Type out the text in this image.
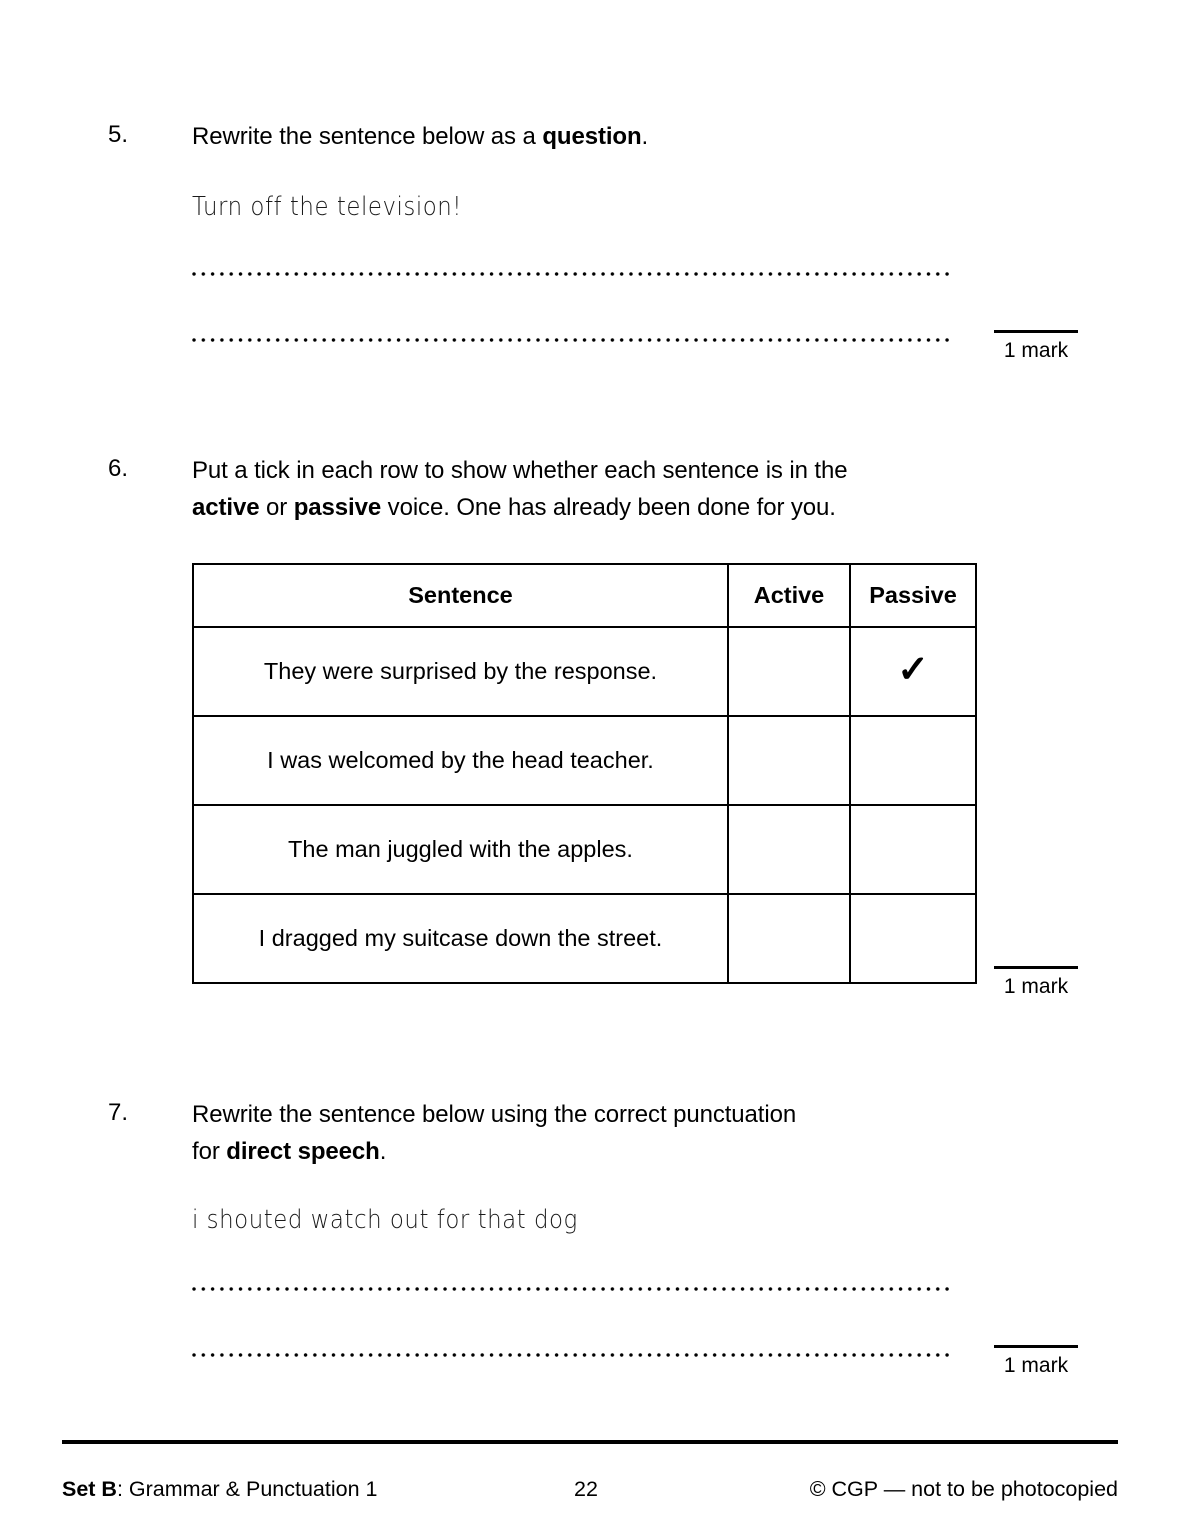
5.	Rewrite the sentence below as a question.
Turn off the television!
1 mark
6.	Put a tick in each row to show whether each sentence is in the
active or passive voice. One has already been done for you.
Sentence	Active	Passive
They were surprised by the response.		✓
I was welcomed by the head teacher.		
The man juggled with the apples.		
I dragged my suitcase down the street.		
1 mark
7.	Rewrite the sentence below using the correct punctuation
for direct speech.
i shouted watch out for that dog
1 mark
Set B: Grammar & Punctuation 1	22	© CGP — not to be photocopied
